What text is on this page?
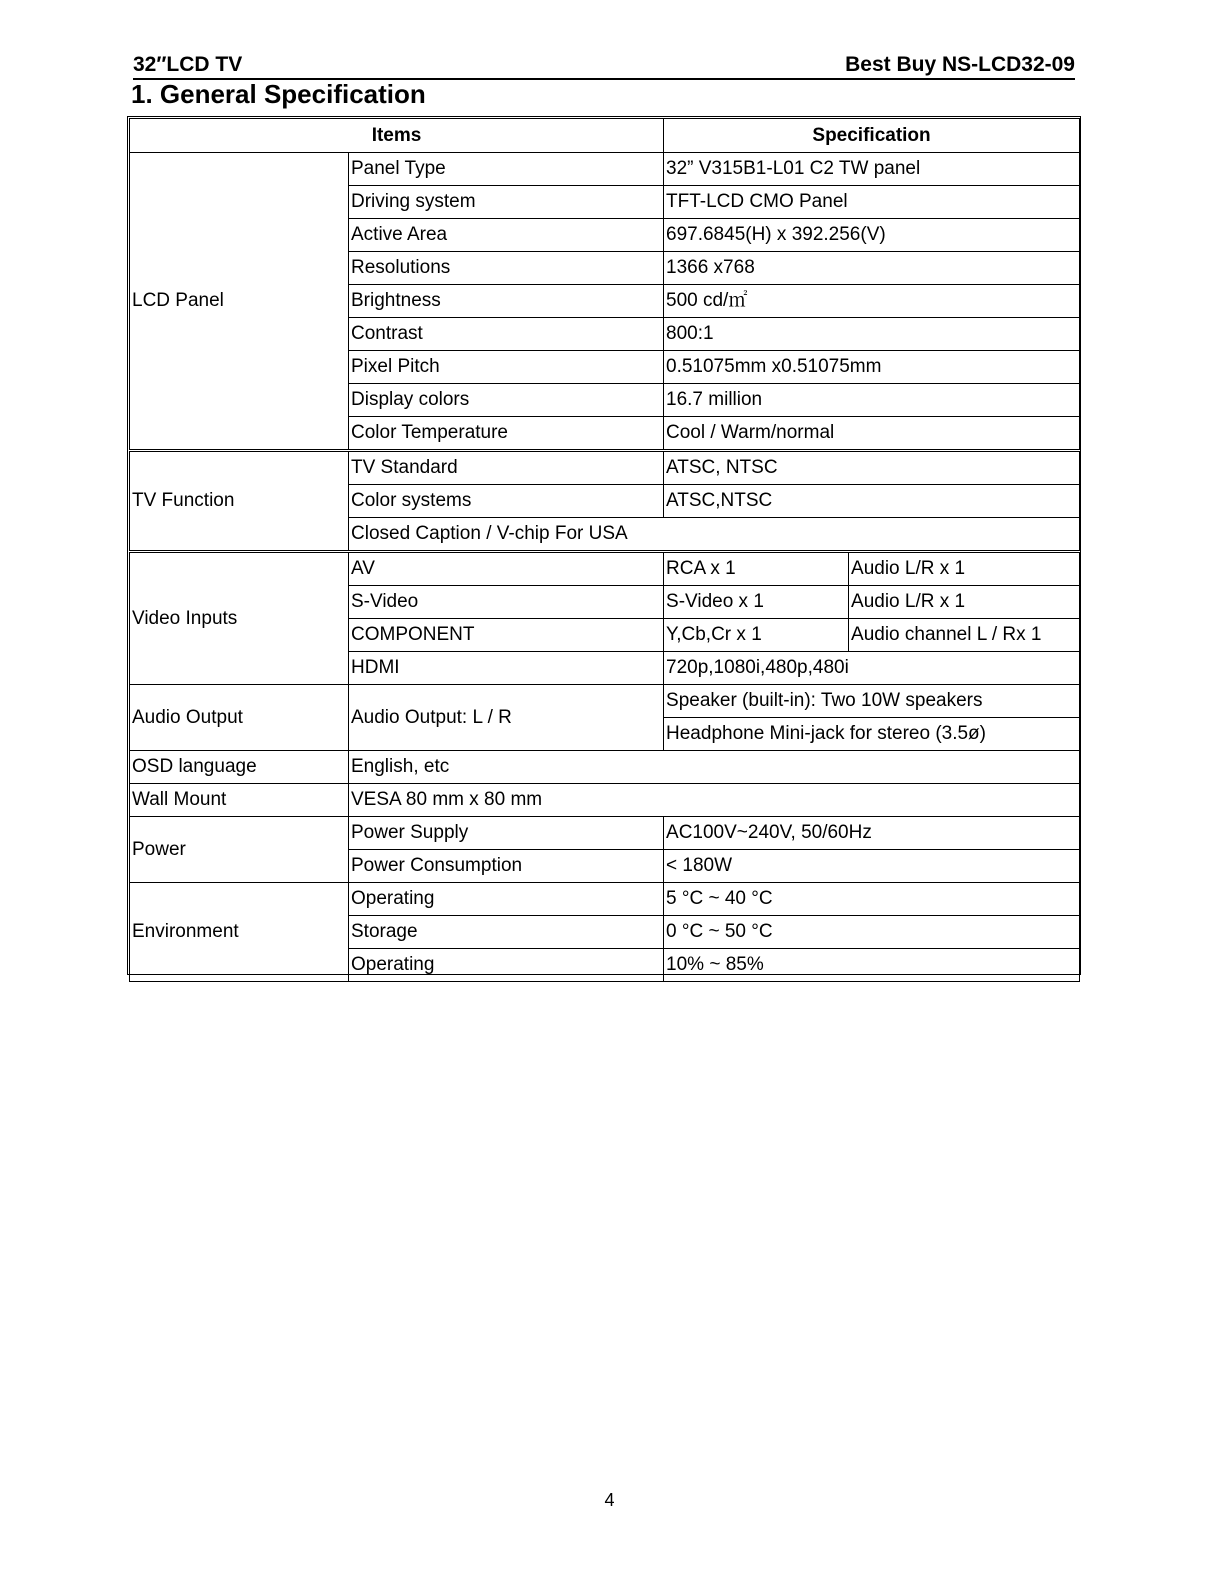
32″LCD TV	Best Buy NS-LCD32-09
1. General Specification
Items		Specification	
LCD Panel	Panel Type	32” V315B1-L01 C2 TW panel	
	Driving system	TFT-LCD CMO Panel	
	Active Area	697.6845(H) x 392.256(V)	
	Resolutions	1366 x768	
	Brightness	500 cd/㎡	
	Contrast	800:1	
	Pixel Pitch	0.51075mm x0.51075mm	
	Display colors	16.7 million	
	Color Temperature	Cool / Warm/normal	
TV Function	TV Standard	ATSC, NTSC	
	Color systems	ATSC,NTSC	
	Closed Caption / V-chip For USA		
Video Inputs	AV	RCA x 1	Audio L/R x 1
	S-Video	S-Video x 1	Audio L/R x 1
	COMPONENT	Y,Cb,Cr x 1	Audio channel L / Rx 1
	HDMI	720p,1080i,480p,480i	
Audio Output	Audio Output: L / R	Speaker (built-in): Two 10W speakers	
		Headphone Mini-jack for stereo (3.5ø)	
OSD language	English, etc		
Wall Mount	VESA 80 mm x 80 mm		
Power	Power Supply	AC100V~240V, 50/60Hz	
	Power Consumption	< 180W	
Environment	Operating	5 °C ~ 40 °C	
	Storage	0 °C ~ 50 °C	
	Operating	10% ~ 85%	
4
